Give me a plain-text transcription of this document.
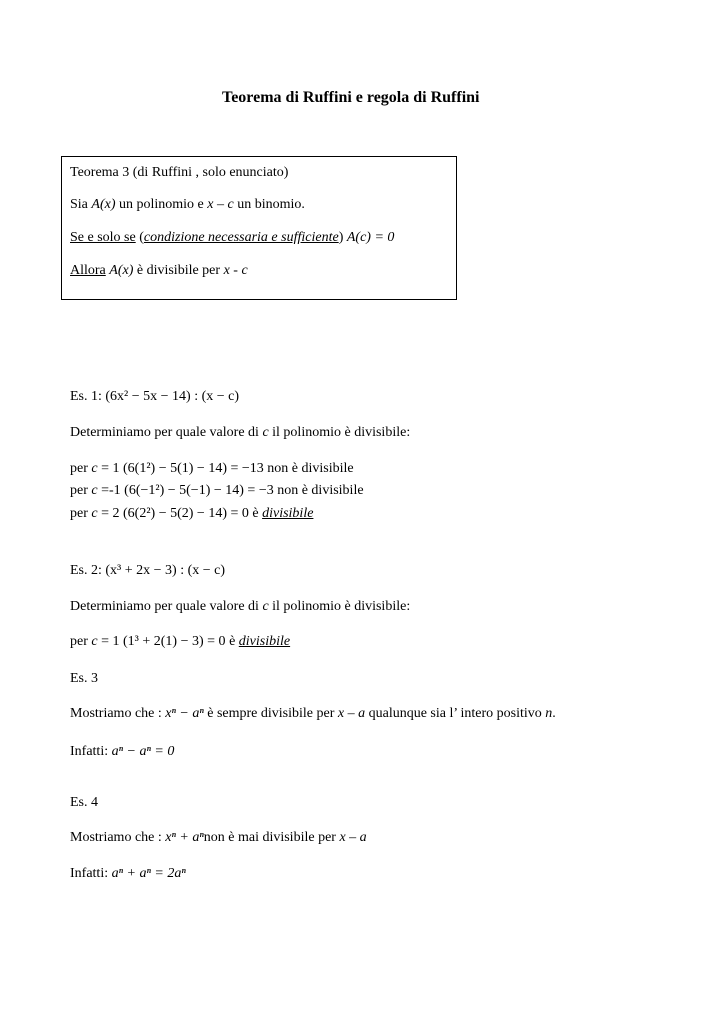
Teorema di Ruffini e regola di Ruffini
Teorema 3 (di Ruffini , solo enunciato)
Sia A(x) un polinomio e x – c un binomio.
Se e solo se (condizione necessaria e sufficiente) A(c) = 0
Allora A(x) è divisibile per x - c
Es. 1: (6x² − 5x − 14) : (x − c)
Determiniamo per quale valore di c il polinomio è divisibile:
per c = 1 (6(1²) − 5(1) − 14) = −13 non è divisibile
per c =-1 (6(−1²) − 5(−1) − 14) = −3 non è divisibile
per c = 2 (6(2²) − 5(2) − 14) = 0 è divisibile
Es. 2: (x³ + 2x − 3) : (x − c)
Determiniamo per quale valore di c il polinomio è divisibile:
per c = 1 (1³ + 2(1) − 3) = 0 è divisibile
Es. 3
Mostriamo che : xⁿ − aⁿ è sempre divisibile per x – a qualunque sia l’ intero positivo n.
Infatti: aⁿ − aⁿ = 0
Es. 4
Mostriamo che : xⁿ + aⁿnon è mai divisibile per x – a
Infatti: aⁿ + aⁿ = 2aⁿ
